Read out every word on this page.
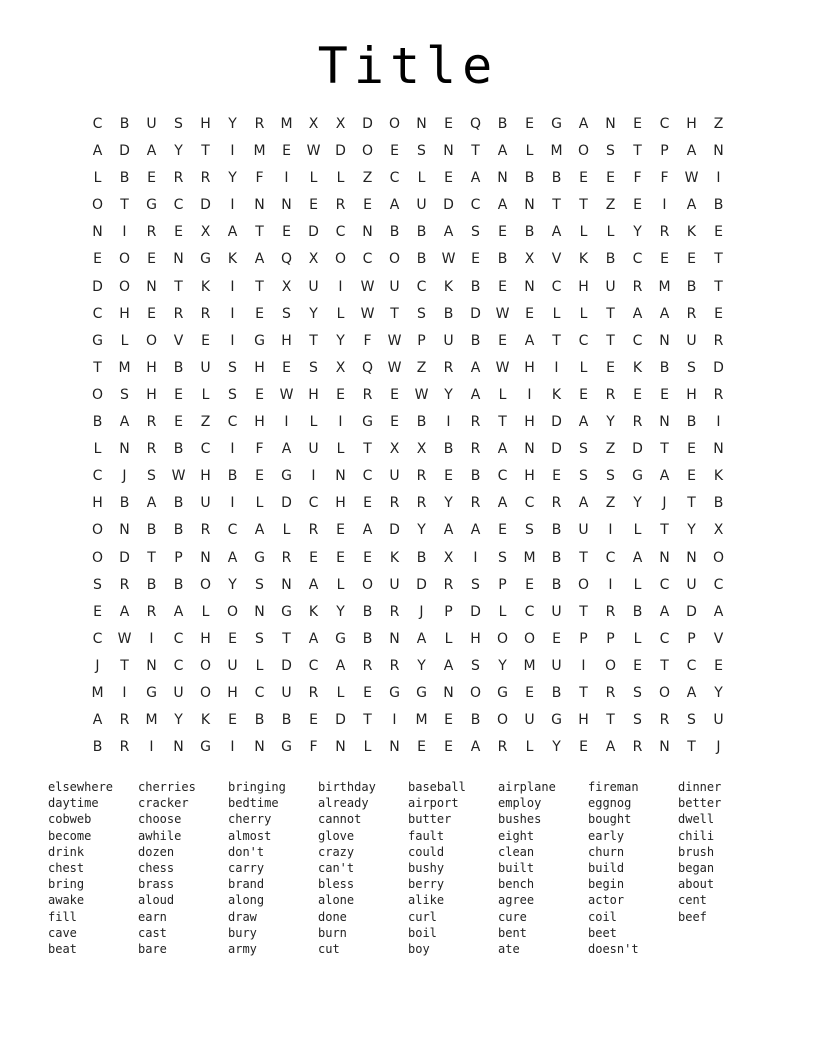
Title
C	B	U	S	H	Y	R	M	X	X	D	O	N	E	Q	B	E	G	A	N	E	C	H	Z
A	D	A	Y	T	I	M	E	W	D	O	E	S	N	T	A	L	M	O	S	T	P	A	N
L	B	E	R	R	Y	F	I	L	L	Z	C	L	E	A	N	B	B	E	E	F	F	W	I
O	T	G	C	D	I	N	N	E	R	E	A	U	D	C	A	N	T	T	Z	E	I	A	B
N	I	R	E	X	A	T	E	D	C	N	B	B	A	S	E	B	A	L	L	Y	R	K	E
E	O	E	N	G	K	A	Q	X	O	C	O	B	W	E	B	X	V	K	B	C	E	E	T
D	O	N	T	K	I	T	X	U	I	W	U	C	K	B	E	N	C	H	U	R	M	B	T
C	H	E	R	R	I	E	S	Y	L	W	T	S	B	D	W	E	L	L	T	A	A	R	E
G	L	O	V	E	I	G	H	T	Y	F	W	P	U	B	E	A	T	C	T	C	N	U	R
T	M	H	B	U	S	H	E	S	X	Q	W	Z	R	A	W	H	I	L	E	K	B	S	D
O	S	H	E	L	S	E	W	H	E	R	E	W	Y	A	L	I	K	E	R	E	E	H	R
B	A	R	E	Z	C	H	I	L	I	G	E	B	I	R	T	H	D	A	Y	R	N	B	I
L	N	R	B	C	I	F	A	U	L	T	X	X	B	R	A	N	D	S	Z	D	T	E	N
C	J	S	W	H	B	E	G	I	N	C	U	R	E	B	C	H	E	S	S	G	A	E	K
H	B	A	B	U	I	L	D	C	H	E	R	R	Y	R	A	C	R	A	Z	Y	J	T	B
O	N	B	B	R	C	A	L	R	E	A	D	Y	A	A	E	S	B	U	I	L	T	Y	X
O	D	T	P	N	A	G	R	E	E	E	K	B	X	I	S	M	B	T	C	A	N	N	O
S	R	B	B	O	Y	S	N	A	L	O	U	D	R	S	P	E	B	O	I	L	C	U	C
E	A	R	A	L	O	N	G	K	Y	B	R	J	P	D	L	C	U	T	R	B	A	D	A
C	W	I	C	H	E	S	T	A	G	B	N	A	L	H	O	O	E	P	P	L	C	P	V
J	T	N	C	O	U	L	D	C	A	R	R	Y	A	S	Y	M	U	I	O	E	T	C	E
M	I	G	U	O	H	C	U	R	L	E	G	G	N	O	G	E	B	T	R	S	O	A	Y
A	R	M	Y	K	E	B	B	E	D	T	I	M	E	B	O	U	G	H	T	S	R	S	U
B	R	I	N	G	I	N	G	F	N	L	N	E	E	A	R	L	Y	E	A	R	N	T	J
elsewhere
daytime
cobweb
become
drink
chest
bring
awake
fill
cave
beat
cherries
cracker
choose
awhile
dozen
chess
brass
aloud
earn
cast
bare
bringing
bedtime
cherry
almost
don't
carry
brand
along
draw
bury
army
birthday
already
cannot
glove
crazy
can't
bless
alone
done
burn
cut
baseball
airport
butter
fault
could
bushy
berry
alike
curl
boil
boy
airplane
employ
bushes
eight
clean
built
bench
agree
cure
bent
ate
fireman
eggnog
bought
early
churn
build
begin
actor
coil
beet
doesn't
dinner
better
dwell
chili
brush
began
about
cent
beef
